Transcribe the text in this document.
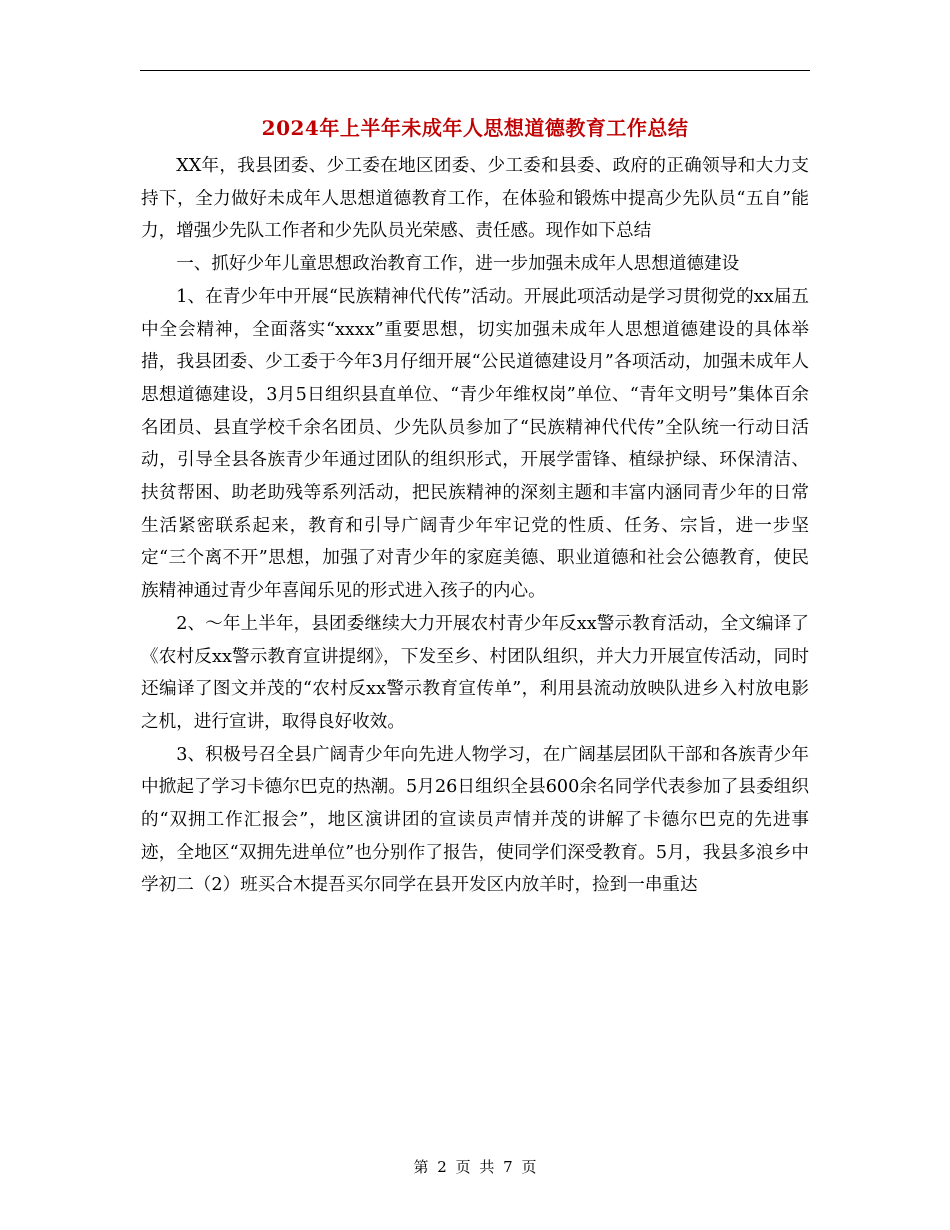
2024年上半年未成年人思想道德教育工作总结

XX年，我县团委、少工委在地区团委、少工委和县委、政府的正确领导和大力支持下，全力做好未成年人思想道德教育工作，在体验和锻炼中提高少先队员“五自”能力，增强少先队工作者和少先队员光荣感、责任感。现作如下总结

一、抓好少年儿童思想政治教育工作，进一步加强未成年人思想道德建设

1、在青少年中开展“民族精神代代传”活动。开展此项活动是学习贯彻党的xx届五中全会精神，全面落实“xxxx”重要思想，切实加强未成年人思想道德建设的具体举措，我县团委、少工委于今年3月仔细开展“公民道德建设月”各项活动，加强未成年人思想道德建设，3月5日组织县直单位、“青少年维权岗”单位、“青年文明号”集体百余名团员、县直学校千余名团员、少先队员参加了“民族精神代代传”全队统一行动日活动，引导全县各族青少年通过团队的组织形式，开展学雷锋、植绿护绿、环保清洁、扶贫帮困、助老助残等系列活动，把民族精神的深刻主题和丰富内涵同青少年的日常生活紧密联系起来，教育和引导广阔青少年牢记党的性质、任务、宗旨，进一步坚定“三个离不开”思想，加强了对青少年的家庭美德、职业道德和社会公德教育，使民族精神通过青少年喜闻乐见的形式进入孩子的内心。

2、～年上半年，县团委继续大力开展农村青少年反xx警示教育活动，全文编译了《农村反xx警示教育宣讲提纲》，下发至乡、村团队组织，并大力开展宣传活动，同时还编译了图文并茂的“农村反xx警示教育宣传单”，利用县流动放映队进乡入村放电影之机，进行宣讲，取得良好收效。

3、积极号召全县广阔青少年向先进人物学习，在广阔基层团队干部和各族青少年中掀起了学习卡德尔巴克的热潮。5月26日组织全县600余名同学代表参加了县委组织的“双拥工作汇报会”，地区演讲团的宣读员声情并茂的讲解了卡德尔巴克的先进事迹，全地区“双拥先进单位”也分别作了报告，使同学们深受教育。5月，我县多浪乡中学初二（2）班买合木提吾买尔同学在县开发区内放羊时，捡到一串重达

第 2 页 共 7 页
